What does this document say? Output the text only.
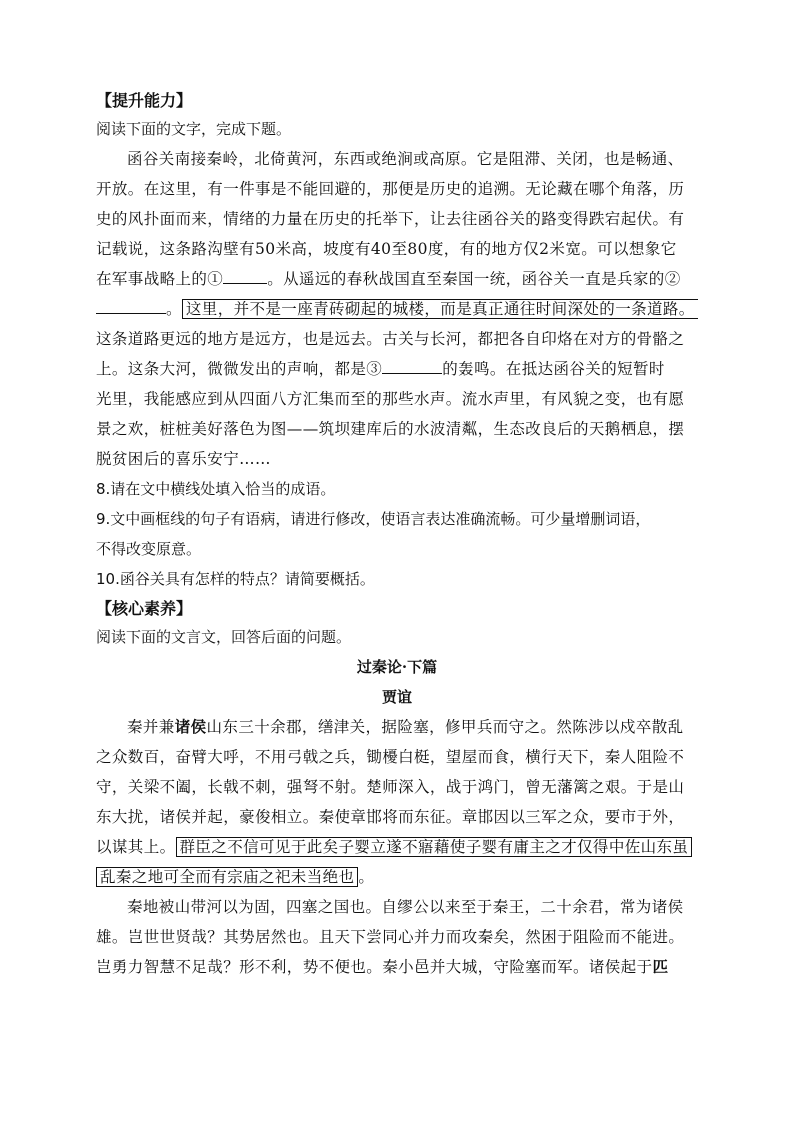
【提升能力】

阅读下面的文字，完成下题。

函谷关南接秦岭，北倚黄河，东西或绝涧或高原。它是阻滞、关闭，也是畅通、

开放。在这里，有一件事是不能回避的，那便是历史的追溯。无论藏在哪个角落，历

史的风扑面而来，情绪的力量在历史的托举下，让去往函谷关的路变得跌宕起伏。有

记载说，这条路沟壁有50米高，坡度有40至80度，有的地方仅2米宽。可以想象它

在军事战略上的①	。从遥远的春秋战国直至秦国一统，函谷关一直是兵家的②

。 这里，并不是一座青砖砌起的城楼，而是真正通往时间深处的一条道路。

这条道路更远的地方是远方，也是远去。古关与长河，都把各自印烙在对方的骨骼之

上。这条大河，微微发出的声响，都是③	的轰鸣。在抵达函谷关的短暂时

光里，我能感应到从四面八方汇集而至的那些水声。流水声里，有风貌之变，也有愿

景之欢，桩桩美好落色为图——筑坝建库后的水波清粼，生态改良后的天鹅栖息，摆

脱贫困后的喜乐安宁……

8.请在文中横线处填入恰当的成语。

9.文中画框线的句子有语病，请进行修改，使语言表达准确流畅。可少量增删词语，

不得改变原意。

10.函谷关具有怎样的特点？请简要概括。

【核心素养】

阅读下面的文言文，回答后面的问题。

过秦论·下篇

贾谊

秦并兼诸侯山东三十余郡，缮津关，据险塞，修甲兵而守之。然陈涉以戍卒散乱

之众数百，奋臂大呼，不用弓戟之兵，锄櫌白梃，望屋而食，横行天下，秦人阻险不

守，关梁不阖，长戟不刺，强弩不射。楚师深入，战于鸿门，曾无藩篱之艰。于是山

东大扰，诸侯并起，豪俊相立。秦使章邯将而东征。章邯因以三军之众，要市于外，

以谋其上。 群臣之不信可见于此矣子婴立遂不寤藉使子婴有庸主之才仅得中佐山东虽

乱秦之地可全而有宗庙之祀未当绝也 。

秦地被山带河以为固，四塞之国也。自缪公以来至于秦王，二十余君，常为诸侯

雄。岂世世贤哉？其势居然也。且天下尝同心并力而攻秦矣，然困于阻险而不能进。

岂勇力智慧不足哉？形不利，势不便也。秦小邑并大城，守险塞而军。诸侯起于匹
